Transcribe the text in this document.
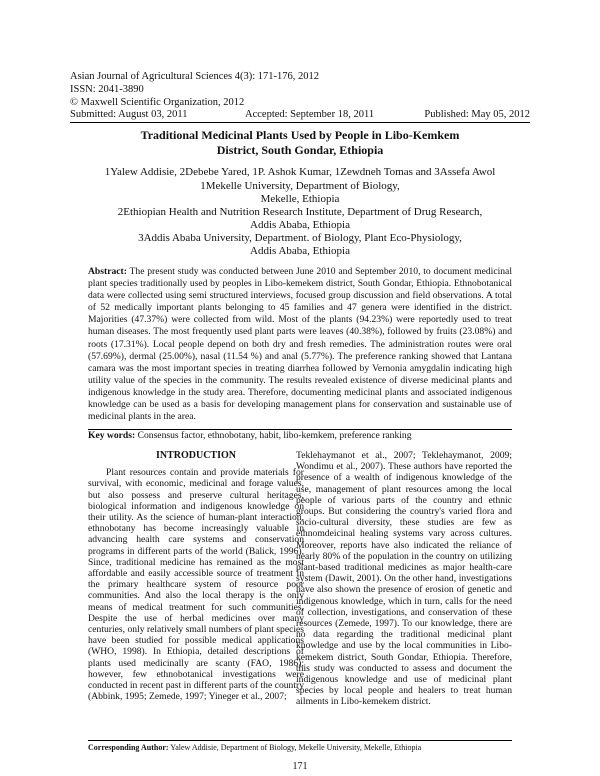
Asian Journal of Agricultural Sciences 4(3): 171-176, 2012
ISSN: 2041-3890
© Maxwell Scientific Organization, 2012

Submitted: August 03, 2011	Accepted: September 18, 2011	Published: May 05, 2012
Traditional Medicinal Plants Used by People in Libo-Kemkem
District, South Gondar, Ethiopia
1Yalew Addisie, 2Debebe Yared, 1P. Ashok Kumar, 1Zewdneh Tomas and 3Assefa Awol
1Mekelle University, Department of Biology,
Mekelle, Ethiopia
2Ethiopian Health and Nutrition Research Institute, Department of Drug Research,
Addis Ababa, Ethiopia
3Addis Ababa University, Department. of Biology, Plant Eco-Physiology,
Addis Ababa, Ethiopia
Abstract: The present study was conducted between June 2010 and September 2010, to document medicinal plant species traditionally used by peoples in Libo-kemekem district, South Gondar, Ethiopia. Ethnobotanical data were collected using semi structured interviews, focused group discussion and field observations. A total of 52 medically important plants belonging to 45 families and 47 genera were identified in the district. Majorities (47.37%) were collected from wild. Most of the plants (94.23%) were reportedly used to treat human diseases. The most frequently used plant parts were leaves (40.38%), followed by fruits (23.08%) and roots (17.31%). Local people depend on both dry and fresh remedies. The administration routes were oral (57.69%), dermal (25.00%), nasal (11.54 %) and anal (5.77%). The preference ranking showed that Lantana camara was the most important species in treating diarrhea followed by Vernonia amygdalin indicating high utility value of the species in the community. The results revealed existence of diverse medicinal plants and indigenous knowledge in the study area. Therefore, documenting medicinal plants and associated indigenous knowledge can be used as a basis for developing management plans for conservation and sustainable use of medicinal plants in the area.
Key words: Consensus factor, ethnobotany, habit, libo-kemkem, preference ranking
INTRODUCTION

Plant resources contain and provide materials for survival, with economic, medicinal and forage values, but also possess and preserve cultural heritages, biological information and indigenous knowledge on their utility. As the science of human-plant interaction, ethnobotany has become increasingly valuable in advancing health care systems and conservation programs in different parts of the world (Balick, 1996). Since, traditional medicine has remained as the most affordable and easily accessible source of treatment in the primary healthcare system of resource poor communities. And also the local therapy is the only means of medical treatment for such communities. Despite the use of herbal medicines over many centuries, only relatively small numbers of plant species have been studied for possible medical applications (WHO, 1998). In Ethiopia, detailed descriptions of plants used medicinally are scanty (FAO, 1986); however, few ethnobotanical investigations were conducted in recent past in different parts of the country (Abbink, 1995; Zemede, 1997; Yineger et al., 2007;

Teklehaymanot et al., 2007; Teklehaymanot, 2009; Wondimu et al., 2007). These authors have reported the presence of a wealth of indigenous knowledge of the use, management of plant resources among the local people of various parts of the country and ethnic groups. But considering the country's varied flora and socio-cultural diversity, these studies are few as ethnomdeicinal healing systems vary across cultures. Moreover, reports have also indicated the reliance of nearly 80% of the population in the country on utilizing plant-based traditional medicines as major health-care system (Dawit, 2001). On the other hand, investigations have also shown the presence of erosion of genetic and indigenous knowledge, which in turn, calls for the need of collection, investigations, and conservation of these resources (Zemede, 1997). To our knowledge, there are no data regarding the traditional medicinal plant knowledge and use by the local communities in Libo-kemekem district, South Gondar, Ethiopia. Therefore, this study was conducted to assess and document the indigenous knowledge and use of medicinal plant species by local people and healers to treat human ailments in Libo-kemekem district.

Corresponding Author: Yalew Addisie, Department of Biology, Mekelle University, Mekelle, Ethiopia
171
